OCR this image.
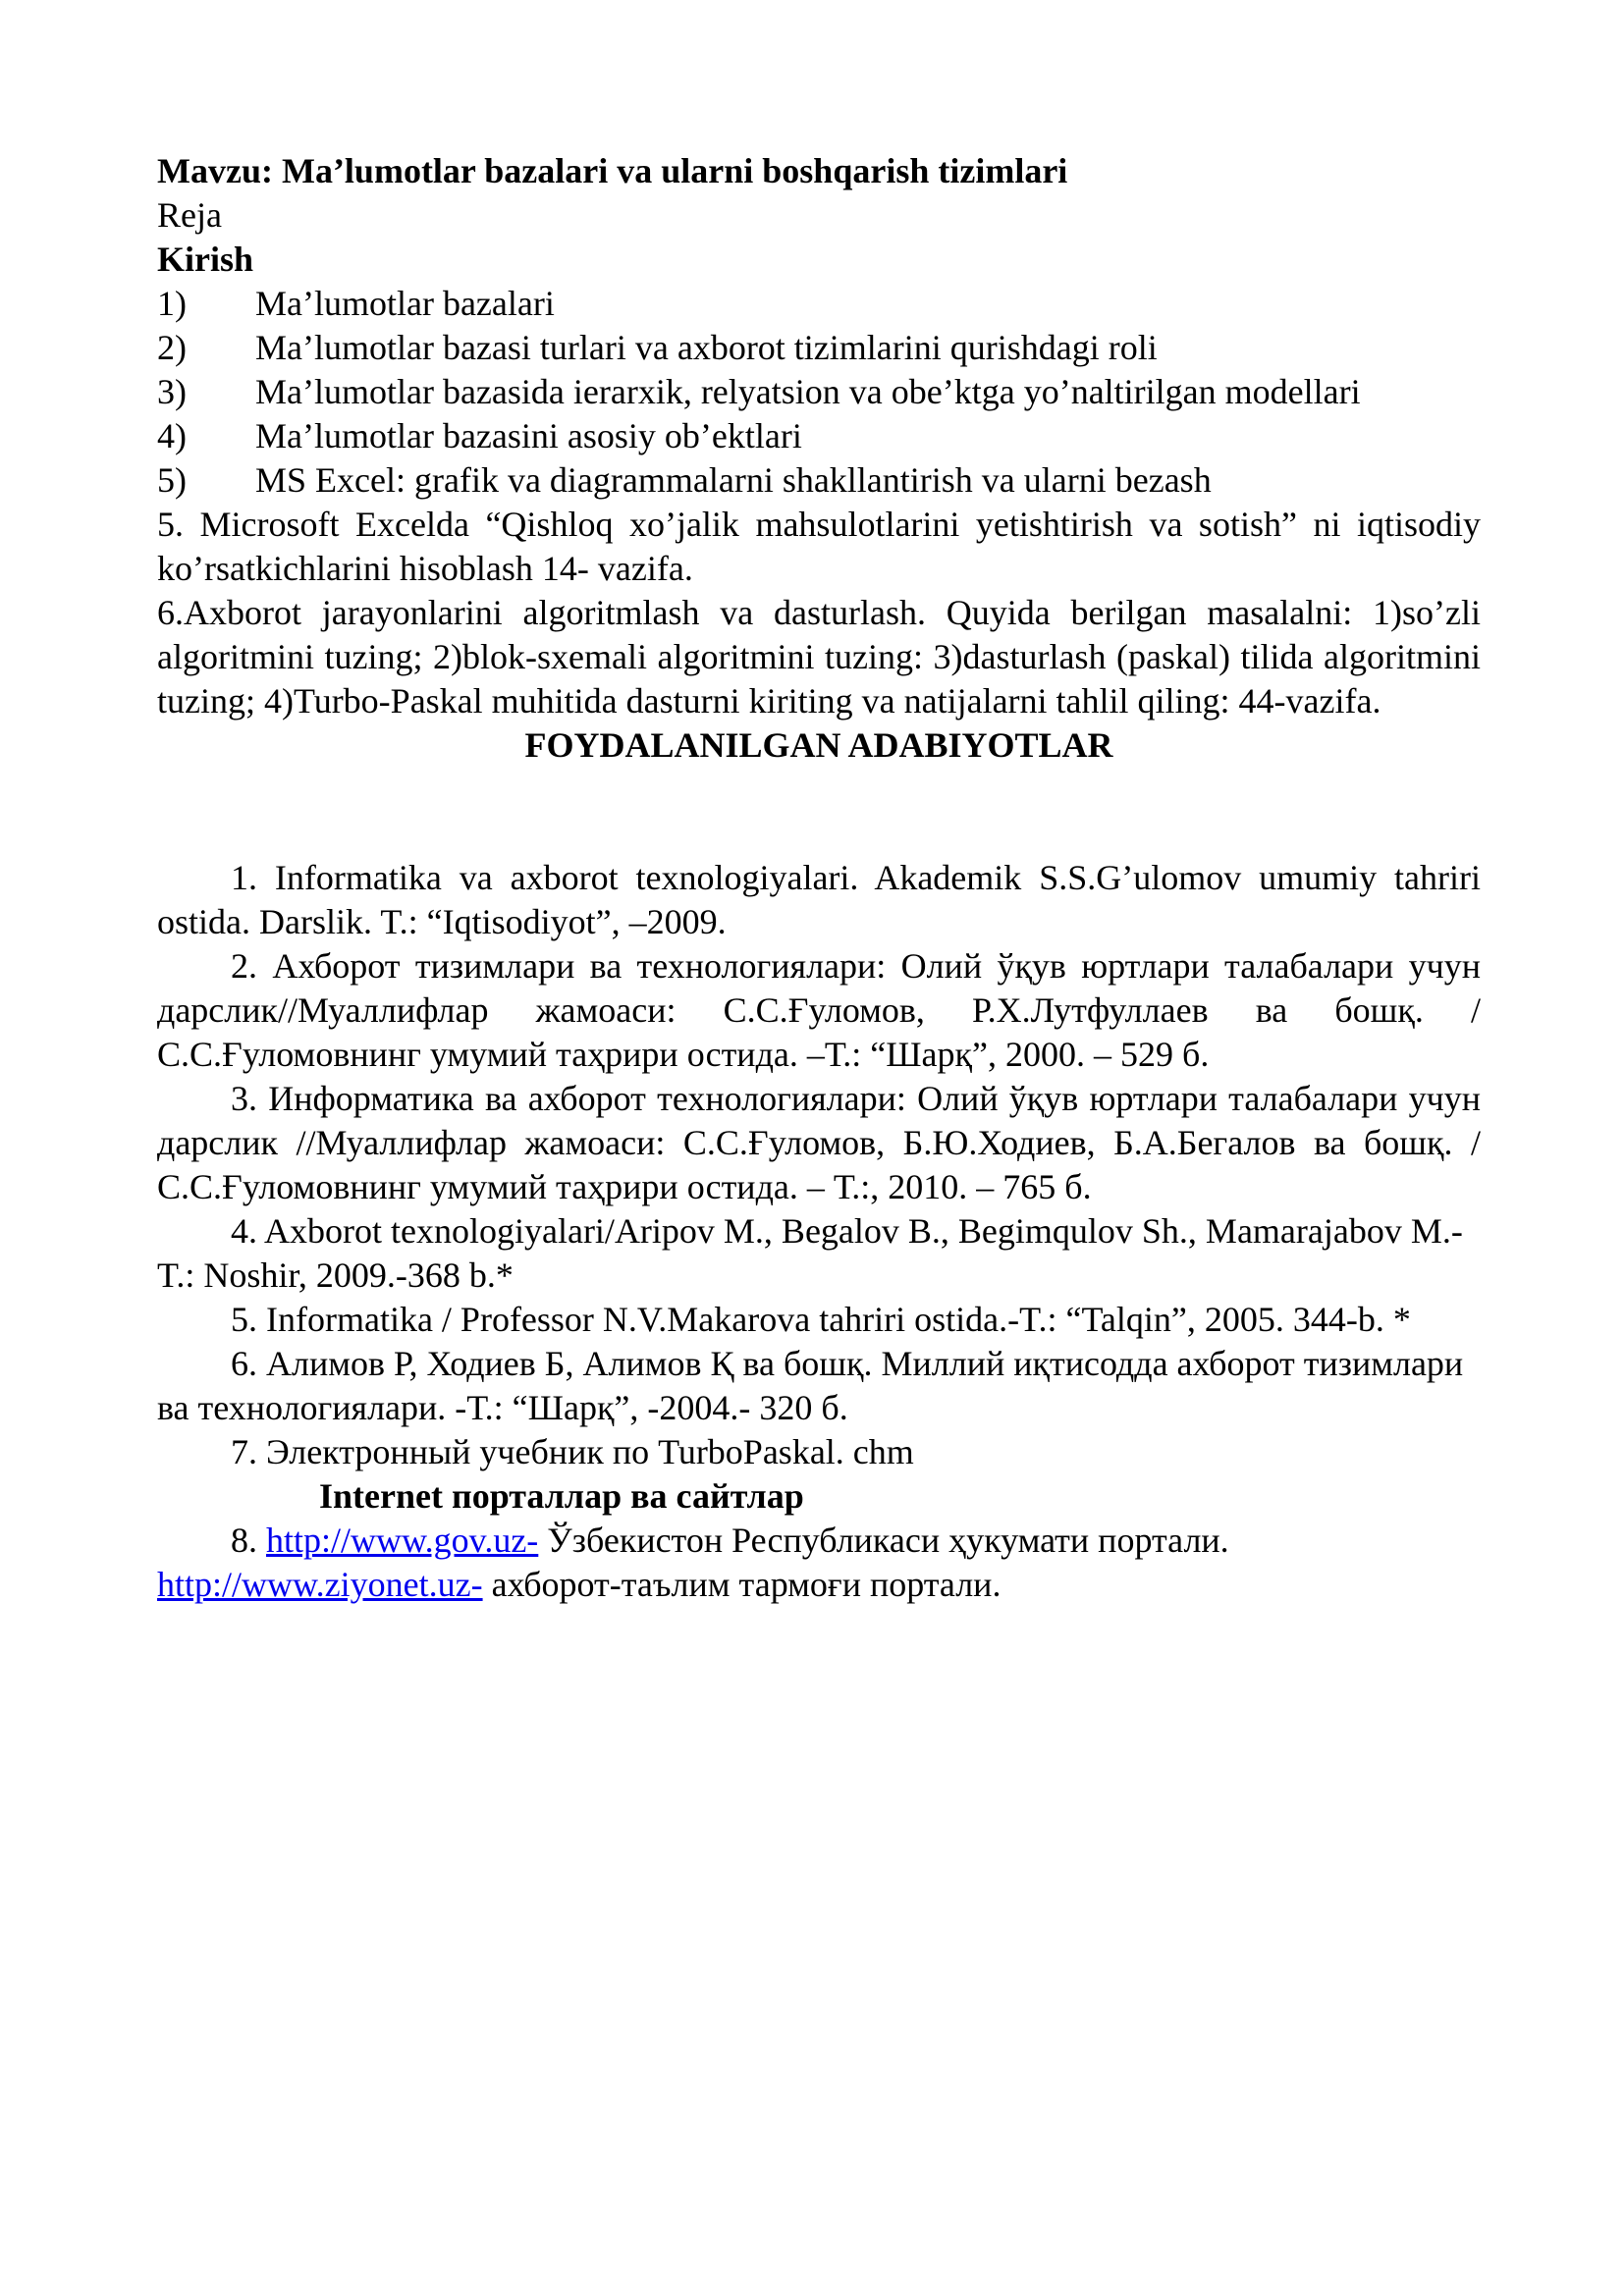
Mavzu: Ma’lumotlar bazalari va ularni boshqarish tizimlari
Reja
Kirish
1)	Ma’lumotlar bazalari
2)	Ma’lumotlar bazasi turlari va axborot tizimlarini qurishdagi roli
3)	Ma’lumotlar bazasida ierarxik, relyatsion va obe’ktga yo’naltirilgan modellari
4)	Ma’lumotlar bazasini asosiy ob’ektlari
5)	MS Excel: grafik va diagrammalarni shakllantirish va ularni bezash
5. Microsoft Excelda “Qishloq xo’jalik mahsulotlarini yetishtirish va sotish” ni iqtisodiy ko’rsatkichlarini hisoblash 14- vazifa.
6.Axborot jarayonlarini algoritmlash va dasturlash. Quyida berilgan masalalni: 1)so’zli algoritmini tuzing; 2)blok-sxemali algoritmini tuzing: 3)dasturlash (paskal) tilida algoritmini tuzing; 4)Turbo-Paskal muhitida dasturni kiriting va natijalarni tahlil qiling: 44-vazifa.
FOYDALANILGAN ADABIYOTLAR
1. Informatika va axborot texnologiyalari. Akademik S.S.G’ulomov umumiy tahriri ostida. Darslik. T.: “Iqtisodiyot”, –2009.
2. Ахборот тизимлари ва технологиялари: Олий ўқув юртлари талабалари учун дарслик//Муаллифлар жамоаси: С.С.Ғуломов, Р.Х.Лутфуллаев ва бошқ. /С.С.Ғуломовнинг умумий таҳрири остида. –Т.: “Шарқ”, 2000. – 529 б.
3. Информатика ва ахборот технологиялари: Олий ўқув юртлари талабалари учун дарслик //Муаллифлар жамоаси: С.С.Ғуломов, Б.Ю.Ходиев, Б.А.Бегалов ва бошқ. / С.С.Ғуломовнинг умумий таҳрири остида. – Т.:, 2010. – 765 б.
4. Axborot texnologiyalari/Aripov M., Begalov B., Begimqulov Sh., Mamarajabov M.-T.: Noshir, 2009.-368 b.*
5. Informatika / Professor N.V.Makarova tahriri ostida.-T.: “Talqin”, 2005. 344-b. *
6. Алимов Р, Ходиев Б, Алимов Қ ва бошқ. Миллий иқтисодда ахборот тизимлари ва технологиялари. -Т.: “Шарқ”, -2004.- 320 б.
7. Электронный учебник по TurboPaskal. chm
Internet порталлар ва сайтлар
8. http://www.gov.uz- Ўзбекистон Республикаси ҳукумати портали.
http://www.ziyonet.uz- ахборот-таълим тармоғи портали.
